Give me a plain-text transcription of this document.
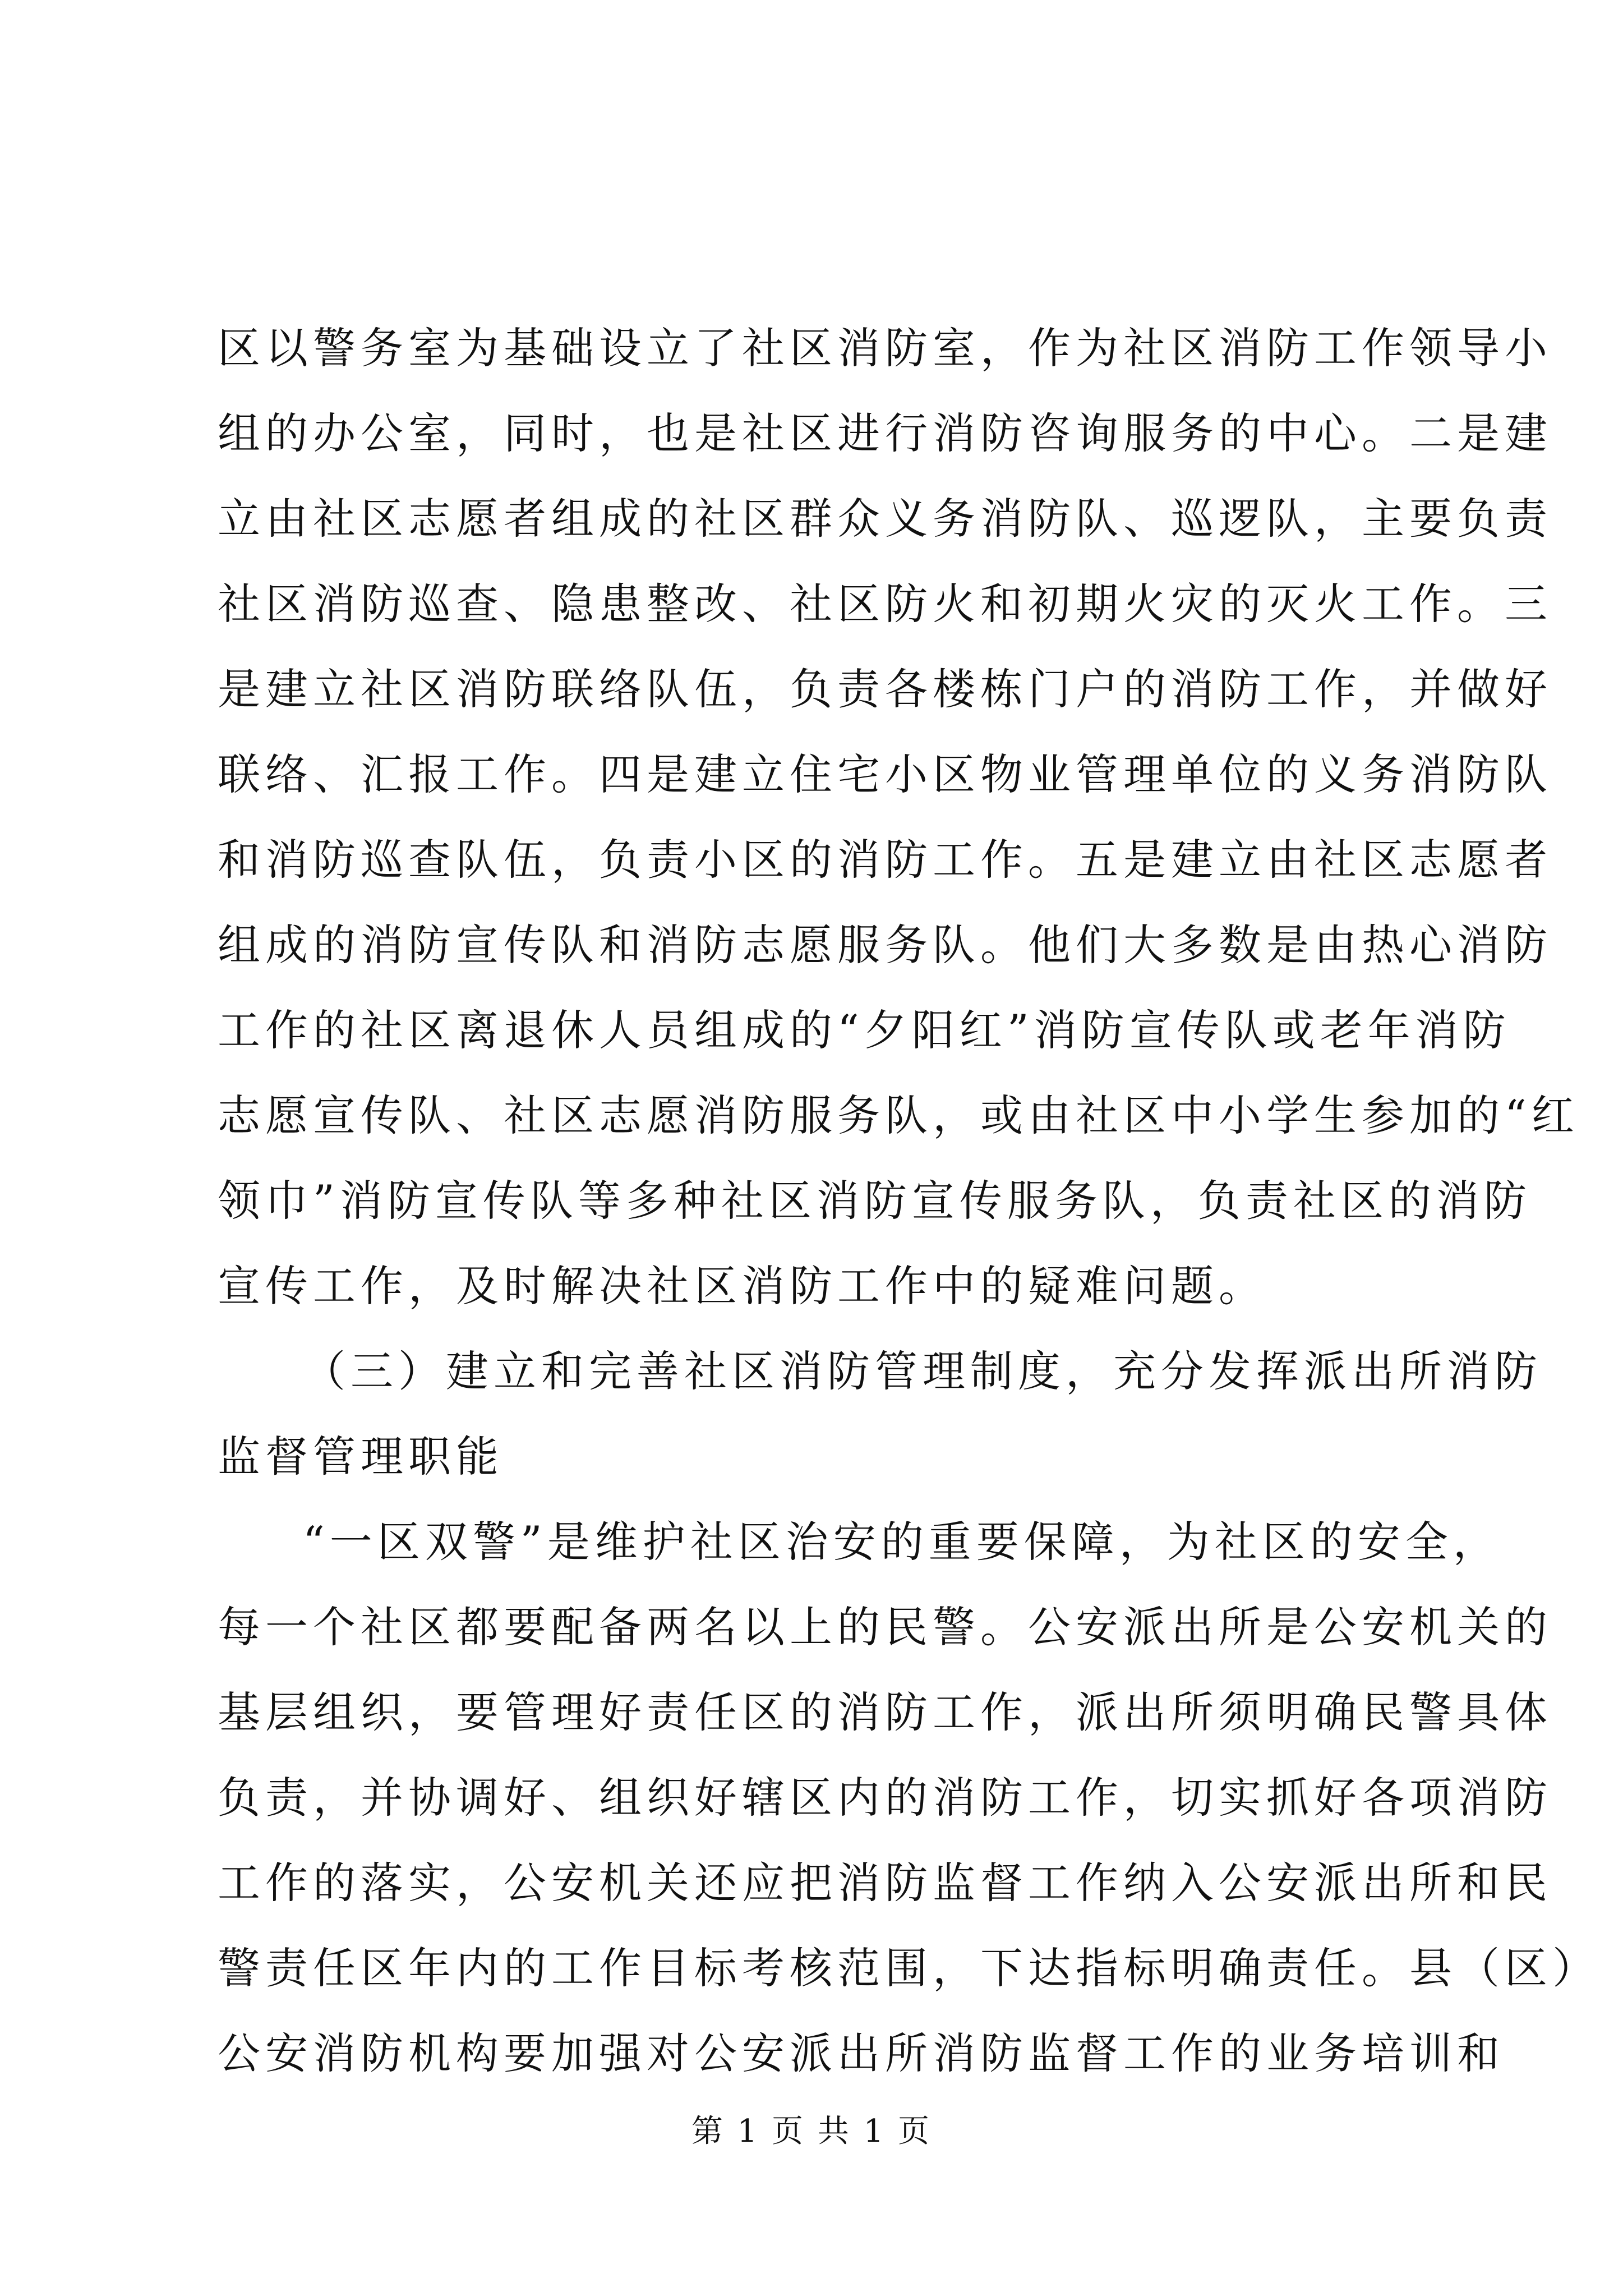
区以警务室为基础设立了社区消防室，作为社区消防工作领导小
组的办公室，同时，也是社区进行消防咨询服务的中心。二是建
立由社区志愿者组成的社区群众义务消防队、巡逻队，主要负责
社区消防巡查、隐患整改、社区防火和初期火灾的灭火工作。三
是建立社区消防联络队伍，负责各楼栋门户的消防工作，并做好
联络、汇报工作。四是建立住宅小区物业管理单位的义务消防队
和消防巡查队伍，负责小区的消防工作。五是建立由社区志愿者
组成的消防宣传队和消防志愿服务队。他们大多数是由热心消防
工作的社区离退休人员组成的“夕阳红”消防宣传队或老年消防
志愿宣传队、社区志愿消防服务队，或由社区中小学生参加的“红
领巾”消防宣传队等多种社区消防宣传服务队，负责社区的消防
宣传工作，及时解决社区消防工作中的疑难问题。
（三）建立和完善社区消防管理制度，充分发挥派出所消防
监督管理职能
“一区双警”是维护社区治安的重要保障，为社区的安全，
每一个社区都要配备两名以上的民警。公安派出所是公安机关的
基层组织，要管理好责任区的消防工作，派出所须明确民警具体
负责，并协调好、组织好辖区内的消防工作，切实抓好各项消防
工作的落实，公安机关还应把消防监督工作纳入公安派出所和民
警责任区年内的工作目标考核范围，下达指标明确责任。县（区）
公安消防机构要加强对公安派出所消防监督工作的业务培训和
第 1 页 共 1 页
